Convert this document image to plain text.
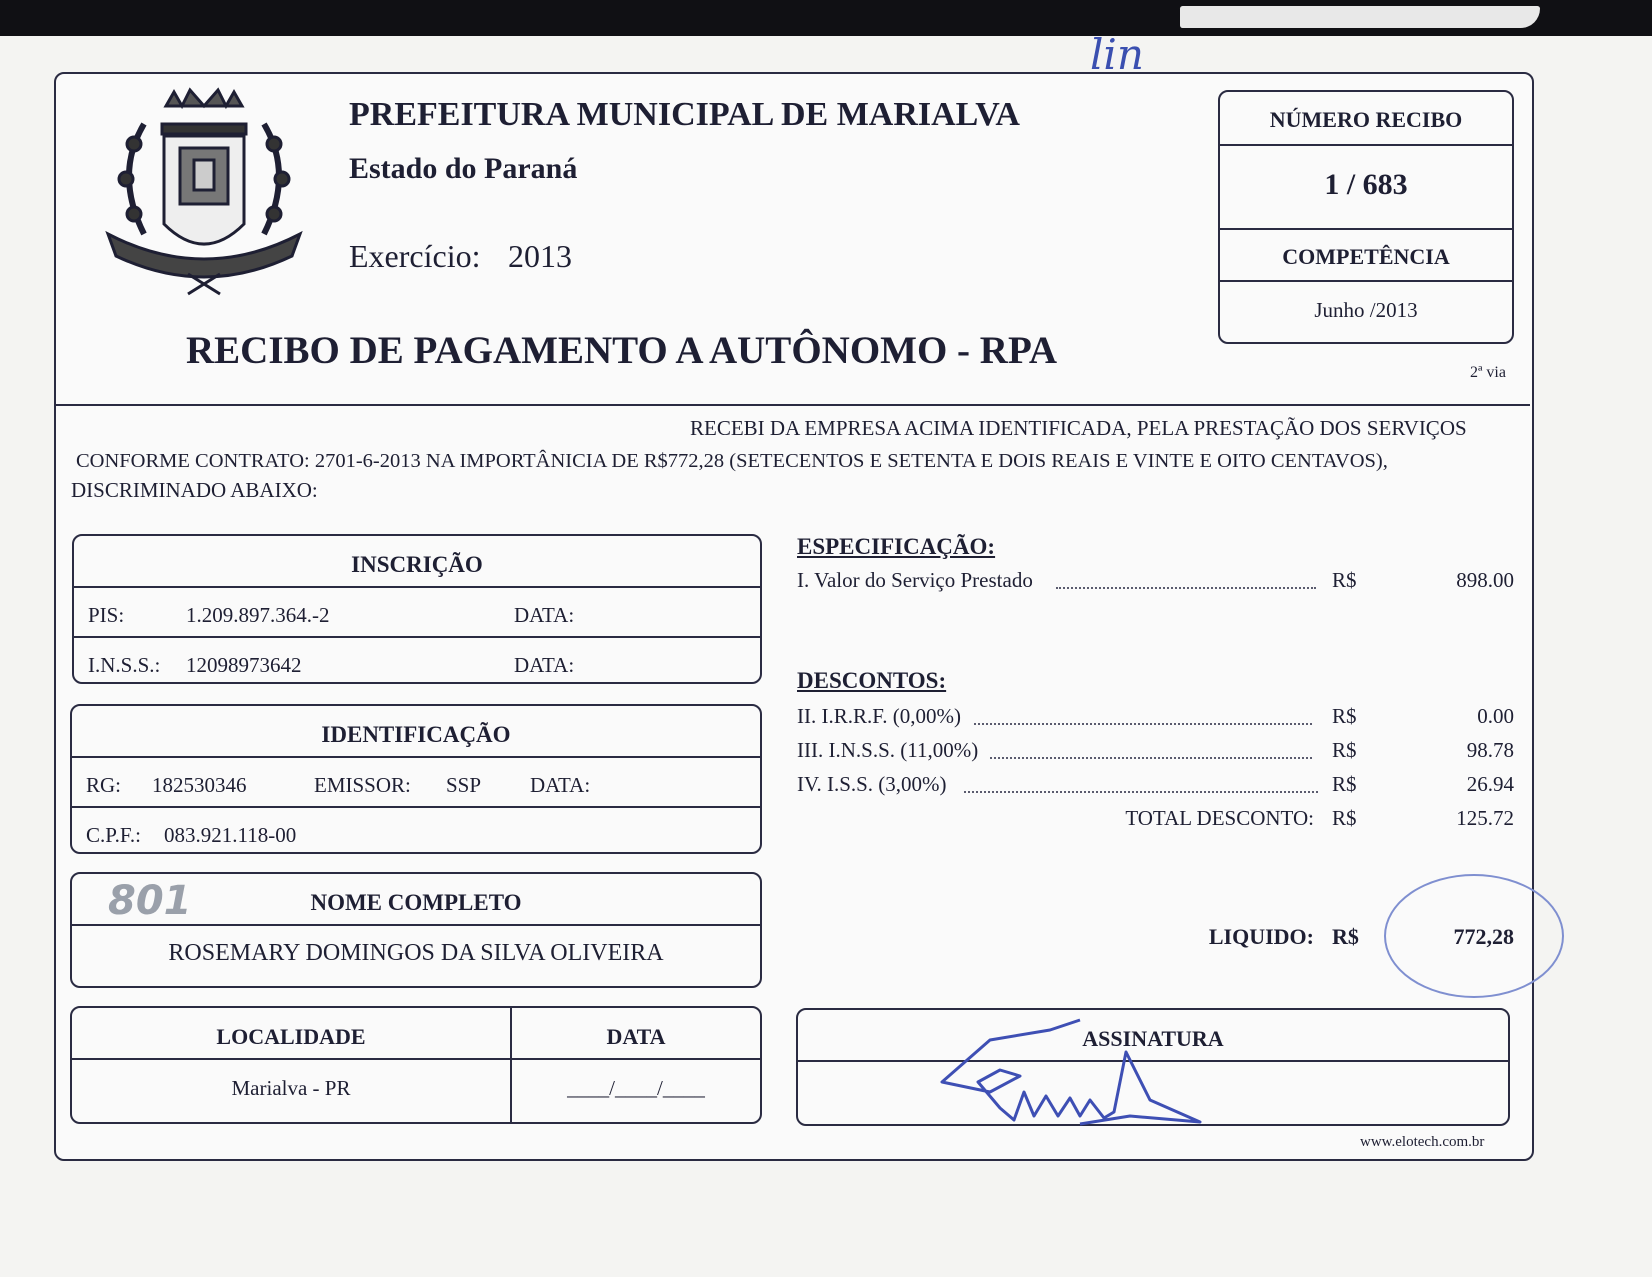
lin
PREFEITURA MUNICIPAL DE MARIALVA
Estado do Paraná
Exercício: 2013
RECIBO DE PAGAMENTO A AUTÔNOMO - RPA
NÚMERO RECIBO
1 / 683
COMPETÊNCIA
Junho /2013
2ª via
RECEBI DA EMPRESA ACIMA IDENTIFICADA, PELA PRESTAÇÃO DOS SERVIÇOS
CONFORME CONTRATO: 2701-6-2013 NA IMPORTÂNICIA DE R$772,28 (SETECENTOS E SETENTA E DOIS REAIS E VINTE E OITO CENTAVOS),
DISCRIMINADO ABAIXO:
INSCRIÇÃO
PIS:	1.209.897.364.-2	DATA:
I.N.S.S.: 12098973642	DATA:
IDENTIFICAÇÃO
RG: 182530346	EMISSOR: SSP DATA:
C.P.F.: 083.921.118-00
NOME COMPLETO
ROSEMARY DOMINGOS DA SILVA OLIVEIRA
801
LOCALIDADE	DATA
Marialva - PR	____/____/____
ESPECIFICAÇÃO:
I. Valor do Serviço Prestado	R$	898.00
DESCONTOS:
II. I.R.R.F. (0,00%)	R$	0.00
III. I.N.S.S. (11,00%)	R$	98.78
IV. I.S.S. (3,00%)	R$	26.94
TOTAL DESCONTO: R$	125.72
LIQUIDO: R$	772,28
ASSINATURA
www.elotech.com.br
